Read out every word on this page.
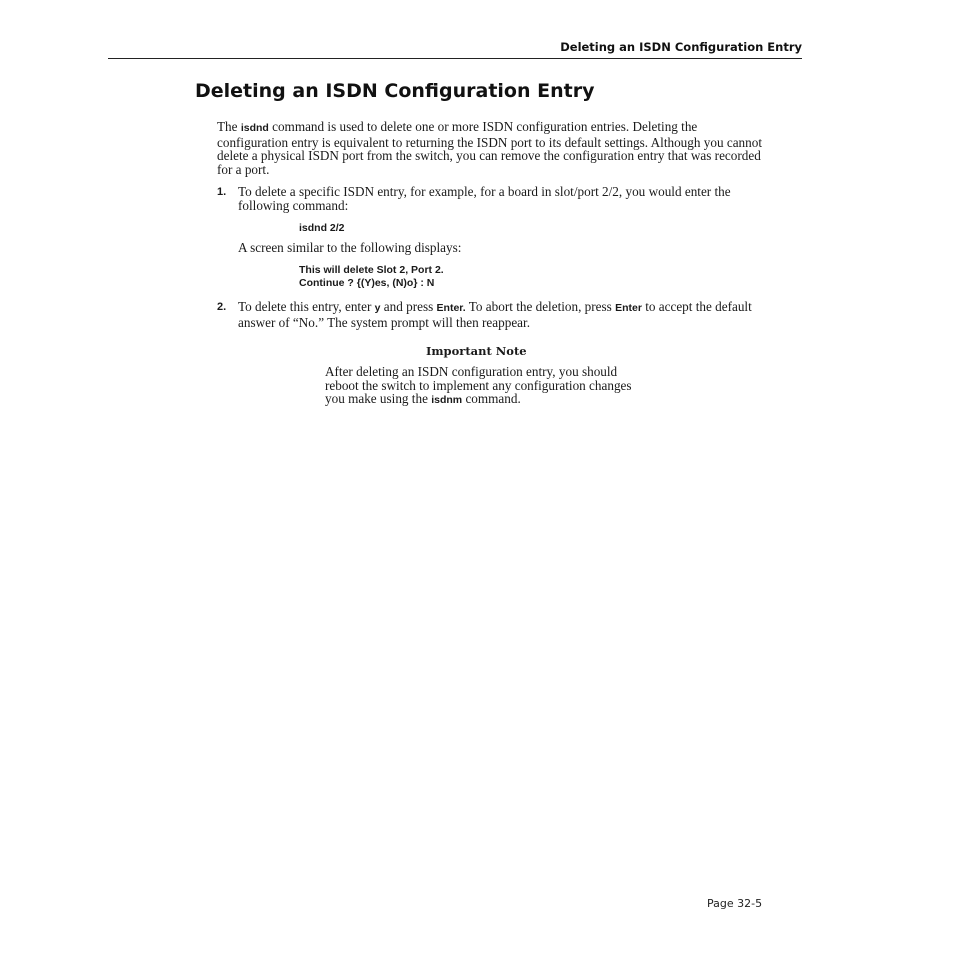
Deleting an ISDN Configuration Entry
Deleting an ISDN Configuration Entry

The isdnd command is used to delete one or more ISDN configuration entries. Deleting the configuration entry is equivalent to returning the ISDN port to its default settings. Although you cannot delete a physical ISDN port from the switch, you can remove the configuration entry that was recorded for a port.

1. To delete a specific ISDN entry, for example, for a board in slot/port 2/2, you would enter the following command:

isdnd 2/2
A screen similar to the following displays:
This will delete Slot 2, Port 2.
Continue ? {(Y)es, (N)o} : N
2. To delete this entry, enter y and press Enter. To abort the deletion, press Enter to accept the default answer of “No.” The system prompt will then reappear.

Important Note

After deleting an ISDN configuration entry, you should reboot the switch to implement any configuration changes you make using the isdnm command.

Page 32-5
